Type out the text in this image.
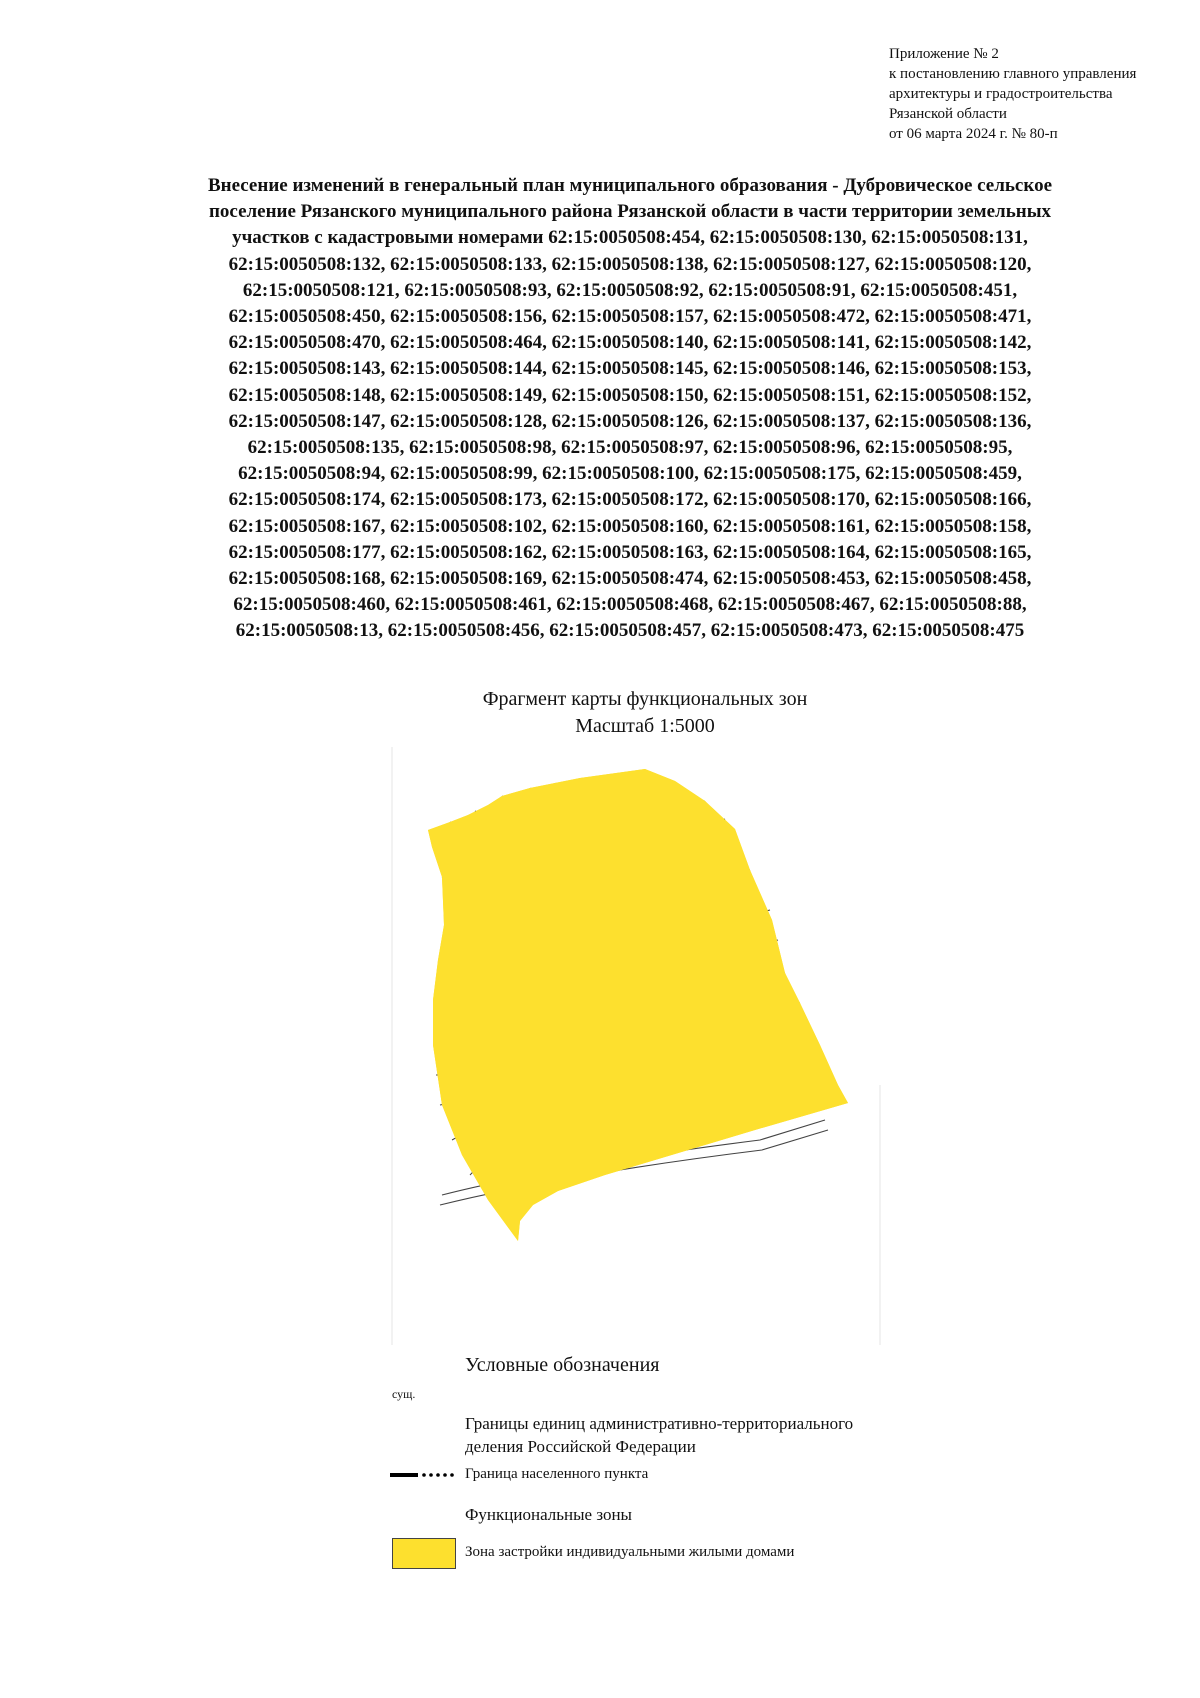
Приложение № 2
к постановлению главного управления
архитектуры и градостроительства
Рязанской области
от 06 марта 2024 г. № 80-п
Внесение изменений в генеральный план муниципального образования - Дубровическое сельское
поселение Рязанского муниципального района Рязанской области в части территории земельных
участков с кадастровыми номерами 62:15:0050508:454, 62:15:0050508:130, 62:15:0050508:131,
62:15:0050508:132, 62:15:0050508:133, 62:15:0050508:138, 62:15:0050508:127, 62:15:0050508:120,
62:15:0050508:121, 62:15:0050508:93, 62:15:0050508:92, 62:15:0050508:91, 62:15:0050508:451,
62:15:0050508:450, 62:15:0050508:156, 62:15:0050508:157, 62:15:0050508:472, 62:15:0050508:471,
62:15:0050508:470, 62:15:0050508:464, 62:15:0050508:140, 62:15:0050508:141, 62:15:0050508:142,
62:15:0050508:143, 62:15:0050508:144, 62:15:0050508:145, 62:15:0050508:146, 62:15:0050508:153,
62:15:0050508:148, 62:15:0050508:149, 62:15:0050508:150, 62:15:0050508:151, 62:15:0050508:152,
62:15:0050508:147, 62:15:0050508:128, 62:15:0050508:126, 62:15:0050508:137, 62:15:0050508:136,
62:15:0050508:135, 62:15:0050508:98, 62:15:0050508:97, 62:15:0050508:96, 62:15:0050508:95,
62:15:0050508:94, 62:15:0050508:99, 62:15:0050508:100, 62:15:0050508:175, 62:15:0050508:459,
62:15:0050508:174, 62:15:0050508:173, 62:15:0050508:172, 62:15:0050508:170, 62:15:0050508:166,
62:15:0050508:167, 62:15:0050508:102, 62:15:0050508:160, 62:15:0050508:161, 62:15:0050508:158,
62:15:0050508:177, 62:15:0050508:162, 62:15:0050508:163, 62:15:0050508:164, 62:15:0050508:165,
62:15:0050508:168, 62:15:0050508:169, 62:15:0050508:474, 62:15:0050508:453, 62:15:0050508:458,
62:15:0050508:460, 62:15:0050508:461, 62:15:0050508:468, 62:15:0050508:467, 62:15:0050508:88,
62:15:0050508:13, 62:15:0050508:456, 62:15:0050508:457, 62:15:0050508:473, 62:15:0050508:475
Фрагмент карты функциональных зон
Масштаб 1:5000
Условные обозначения
сущ.
Границы единиц административно-территориального
деления Российской Федерации
Граница населенного пункта
Функциональные зоны
Зона застройки индивидуальными жилыми домами
